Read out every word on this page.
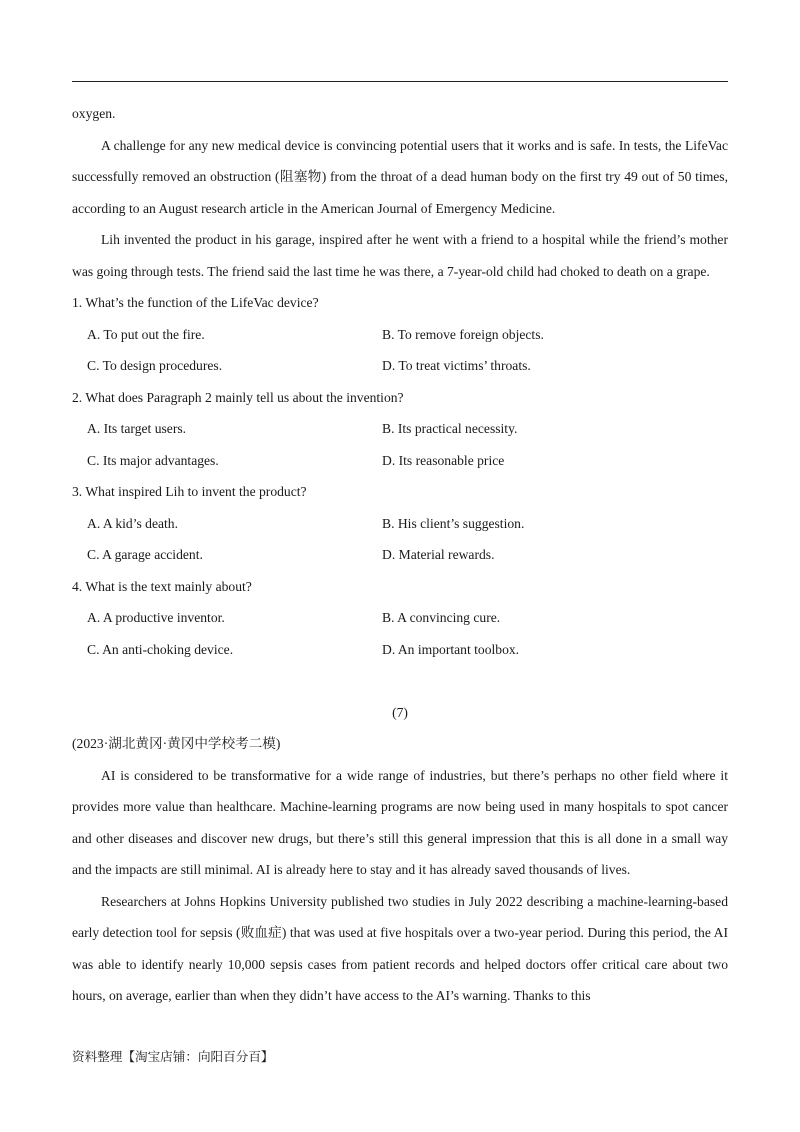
oxygen.

A challenge for any new medical device is convincing potential users that it works and is safe. In tests, the LifeVac successfully removed an obstruction (阻塞物) from the throat of a dead human body on the first try 49 out of 50 times, according to an August research article in the American Journal of Emergency Medicine.

Lih invented the product in his garage, inspired after he went with a friend to a hospital while the friend’s mother was going through tests. The friend said the last time he was there, a 7-year-old child had choked to death on a grape.

1. What’s the function of the LifeVac device?

A. To put out the fire.	B. To remove foreign objects.
C. To design procedures.	D. To treat victims’ throats.

2. What does Paragraph 2 mainly tell us about the invention?

A. Its target users.	B. Its practical necessity.
C. Its major advantages.	D. Its reasonable price

3. What inspired Lih to invent the product?

A. A kid’s death.	B. His client’s suggestion.
C. A garage accident.	D. Material rewards.

4. What is the text mainly about?

A. A productive inventor.	B. A convincing cure.
C. An anti-choking device.	D. An important toolbox.

(7)

(2023·湖北黄冈·黄冈中学校考二模)

AI is considered to be transformative for a wide range of industries, but there’s perhaps no other field where it provides more value than healthcare. Machine-learning programs are now being used in many hospitals to spot cancer and other diseases and discover new drugs, but there’s still this general impression that this is all done in a small way and the impacts are still minimal. AI is already here to stay and it has already saved thousands of lives.

Researchers at Johns Hopkins University published two studies in July 2022 describing a machine-learning-based early detection tool for sepsis (败血症) that was used at five hospitals over a two-year period. During this period, the AI was able to identify nearly 10,000 sepsis cases from patient records and helped doctors offer critical care about two hours, on average, earlier than when they didn’t have access to the AI’s warning. Thanks to this

资料整理【淘宝店铺：向阳百分百】
